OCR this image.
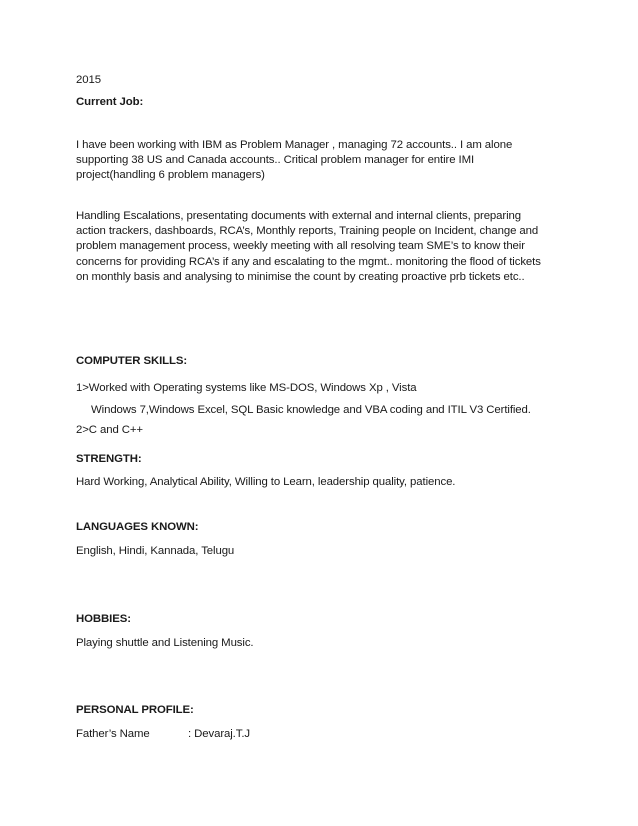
2015
Current Job:
I have been working with IBM as Problem Manager , managing 72 accounts.. I am alone
supporting 38 US and Canada accounts.. Critical problem manager for entire IMI
project(handling 6 problem managers)
Handling Escalations, presentating documents with external and internal clients, preparing
action trackers, dashboards, RCA’s, Monthly reports, Training people on Incident, change and
problem management process, weekly meeting with all resolving team SME’s to know their
concerns for providing RCA’s if any and escalating to the mgmt.. monitoring the flood of tickets
on monthly basis and analysing to minimise the count by creating proactive prb tickets etc..
COMPUTER SKILLS:
1>Worked with Operating systems like MS-DOS, Windows Xp , Vista
Windows 7,Windows Excel, SQL Basic knowledge and VBA coding and ITIL V3 Certified.
2>C and C++
STRENGTH:
Hard Working, Analytical Ability, Willing to Learn, leadership quality, patience.
LANGUAGES KNOWN:
English, Hindi, Kannada, Telugu
HOBBIES:
Playing shuttle and Listening Music.
PERSONAL PROFILE:
Father’s Name	: Devaraj.T.J
